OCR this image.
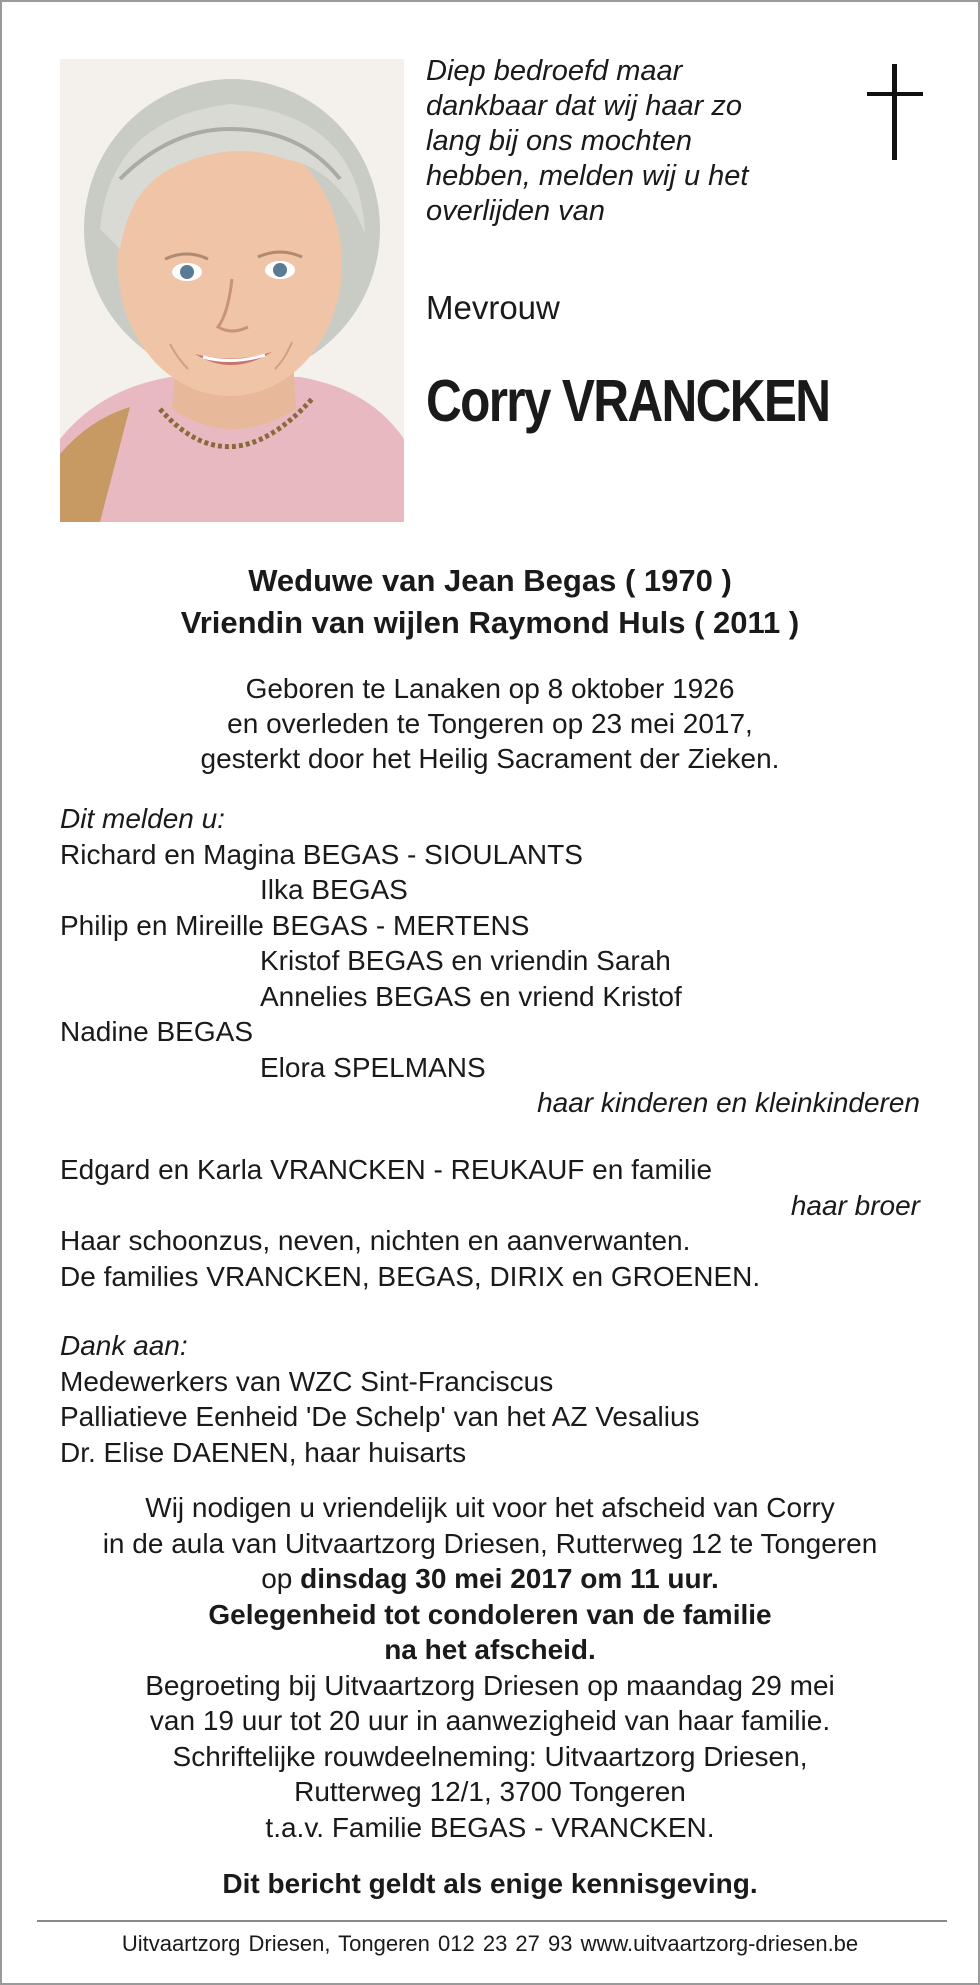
Diep bedroefd maar
dankbaar dat wij haar zo
lang bij ons mochten
hebben, melden wij u het
overlijden van
Mevrouw
Corry VRANCKEN
Weduwe van Jean Begas ( 1970 )
Vriendin van wijlen Raymond Huls ( 2011 )
Geboren te Lanaken op 8 oktober 1926
en overleden te Tongeren op 23 mei 2017,
gesterkt door het Heilig Sacrament der Zieken.
Dit melden u:
Richard en Magina BEGAS - SIOULANTS
Ilka BEGAS
Philip en Mireille BEGAS - MERTENS
Kristof BEGAS en vriendin Sarah
Annelies BEGAS en vriend Kristof
Nadine BEGAS
Elora SPELMANS
haar kinderen en kleinkinderen
Edgard en Karla VRANCKEN - REUKAUF en familie
haar broer
Haar schoonzus, neven, nichten en aanverwanten.
De families VRANCKEN, BEGAS, DIRIX en GROENEN.
Dank aan:
Medewerkers van WZC Sint-Franciscus
Palliatieve Eenheid 'De Schelp' van het AZ Vesalius
Dr. Elise DAENEN, haar huisarts
Wij nodigen u vriendelijk uit voor het afscheid van Corry
in de aula van Uitvaartzorg Driesen, Rutterweg 12 te Tongeren
op dinsdag 30 mei 2017 om 11 uur.
Gelegenheid tot condoleren van de familie
na het afscheid.
Begroeting bij Uitvaartzorg Driesen op maandag 29 mei
van 19 uur tot 20 uur in aanwezigheid van haar familie.
Schriftelijke rouwdeelneming: Uitvaartzorg Driesen,
Rutterweg 12/1, 3700 Tongeren
t.a.v. Familie BEGAS - VRANCKEN.
Dit bericht geldt als enige kennisgeving.
Uitvaartzorg Driesen, Tongeren 012 23 27 93 www.uitvaartzorg-driesen.be
